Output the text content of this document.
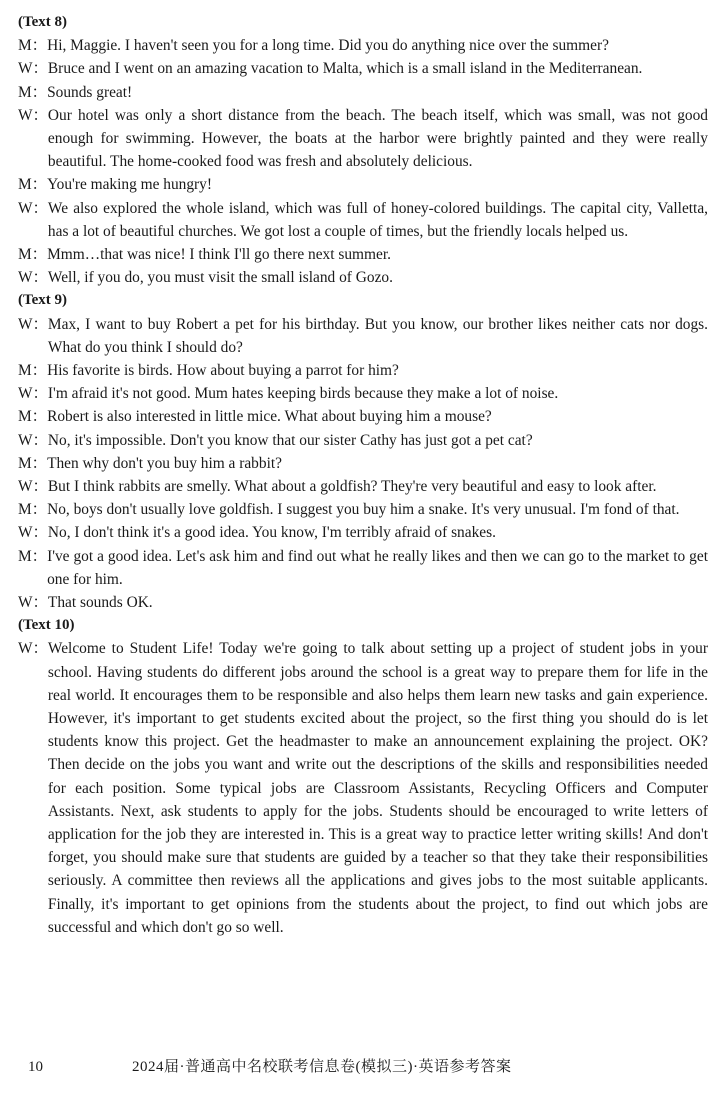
(Text 8)
M： Hi, Maggie. I haven't seen you for a long time. Did you do anything nice over the summer?
W： Bruce and I went on an amazing vacation to Malta, which is a small island in the Mediterranean.
M： Sounds great!
W： Our hotel was only a short distance from the beach. The beach itself, which was small, was not good enough for swimming. However, the boats at the harbor were brightly painted and they were really beautiful. The home-cooked food was fresh and absolutely delicious.
M： You're making me hungry!
W： We also explored the whole island, which was full of honey-colored buildings. The capital city, Valletta, has a lot of beautiful churches. We got lost a couple of times, but the friendly locals helped us.
M： Mmm…that was nice! I think I'll go there next summer.
W： Well, if you do, you must visit the small island of Gozo.
(Text 9)
W： Max, I want to buy Robert a pet for his birthday. But you know, our brother likes neither cats nor dogs. What do you think I should do?
M： His favorite is birds. How about buying a parrot for him?
W： I'm afraid it's not good. Mum hates keeping birds because they make a lot of noise.
M： Robert is also interested in little mice. What about buying him a mouse?
W： No, it's impossible. Don't you know that our sister Cathy has just got a pet cat?
M： Then why don't you buy him a rabbit?
W： But I think rabbits are smelly. What about a goldfish? They're very beautiful and easy to look after.
M： No, boys don't usually love goldfish. I suggest you buy him a snake. It's very unusual. I'm fond of that.
W： No, I don't think it's a good idea. You know, I'm terribly afraid of snakes.
M： I've got a good idea. Let's ask him and find out what he really likes and then we can go to the market to get one for him.
W： That sounds OK.
(Text 10)
W： Welcome to Student Life! Today we're going to talk about setting up a project of student jobs in your school. Having students do different jobs around the school is a great way to prepare them for life in the real world. It encourages them to be responsible and also helps them learn new tasks and gain experience. However, it's important to get students excited about the project, so the first thing you should do is let students know this project. Get the headmaster to make an announcement explaining the project. OK? Then decide on the jobs you want and write out the descriptions of the skills and responsibilities needed for each position. Some typical jobs are Classroom Assistants, Recycling Officers and Computer Assistants. Next, ask students to apply for the jobs. Students should be encouraged to write letters of application for the job they are interested in. This is a great way to practice letter writing skills! And don't forget, you should make sure that students are guided by a teacher so that they take their responsibilities seriously. A committee then reviews all the applications and gives jobs to the most suitable applicants. Finally, it's important to get opinions from the students about the project, to find out which jobs are successful and which don't go so well.
10	2024届·普通高中名校联考信息卷(模拟三)·英语参考答案
